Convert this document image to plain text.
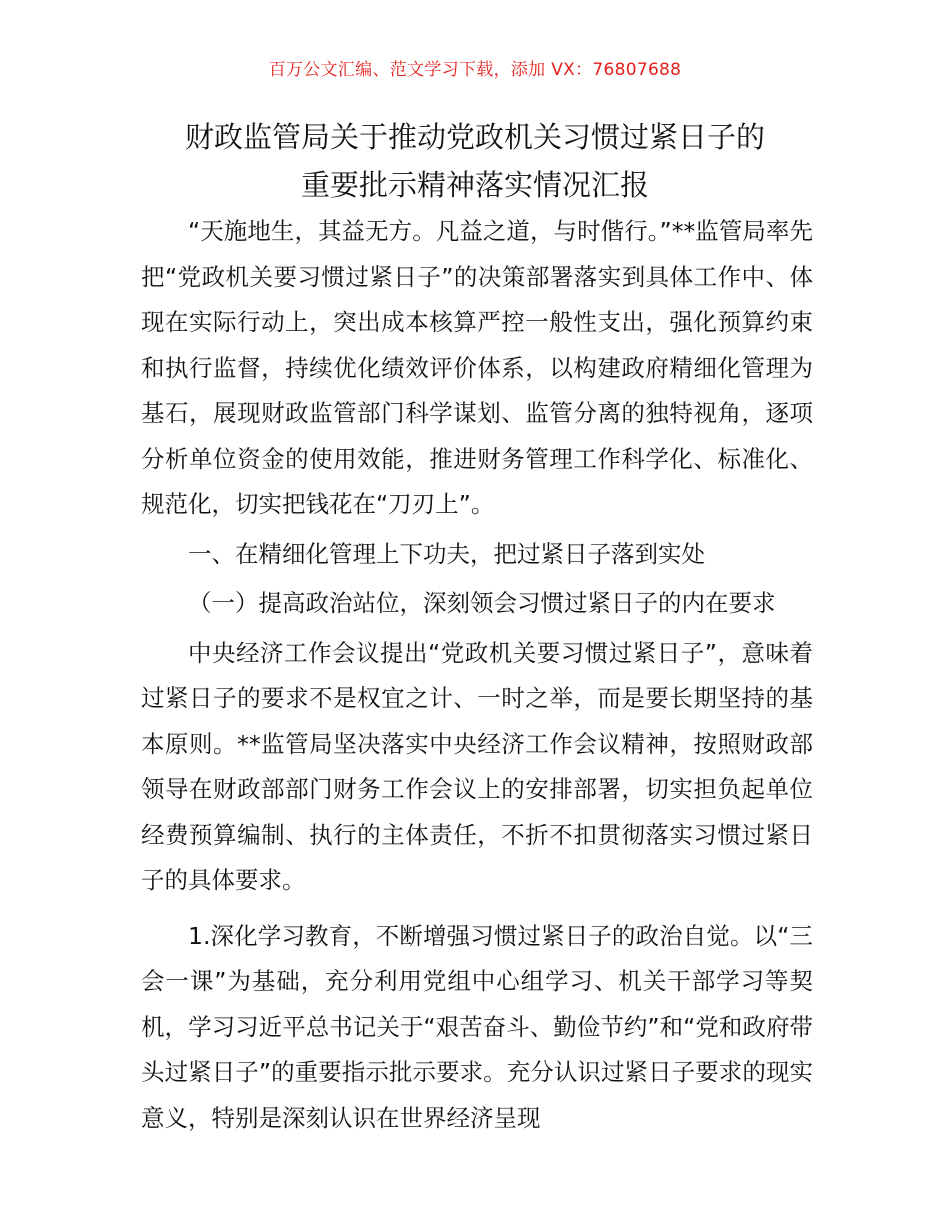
百万公文汇编、范文学习下载，添加 VX：76807688
财政监管局关于推动党政机关习惯过紧日子的
重要批示精神落实情况汇报

“天施地生，其益无方。凡益之道，与时偕行。”**监管局率先把“党政机关要习惯过紧日子”的决策部署落实到具体工作中、体现在实际行动上，突出成本核算严控一般性支出，强化预算约束和执行监督，持续优化绩效评价体系，以构建政府精细化管理为基石，展现财政监管部门科学谋划、监管分离的独特视角，逐项分析单位资金的使用效能，推进财务管理工作科学化、标准化、规范化，切实把钱花在“刀刃上”。

一、在精细化管理上下功夫，把过紧日子落到实处

（一）提高政治站位，深刻领会习惯过紧日子的内在要求

中央经济工作会议提出“党政机关要习惯过紧日子”，意味着过紧日子的要求不是权宜之计、一时之举，而是要长期坚持的基本原则。**监管局坚决落实中央经济工作会议精神，按照财政部领导在财政部部门财务工作会议上的安排部署，切实担负起单位经费预算编制、执行的主体责任，不折不扣贯彻落实习惯过紧日子的具体要求。

1.深化学习教育，不断增强习惯过紧日子的政治自觉。以“三会一课”为基础，充分利用党组中心组学习、机关干部学习等契机，学习习近平总书记关于“艰苦奋斗、勤俭节约”和“党和政府带头过紧日子”的重要指示批示要求。充分认识过紧日子要求的现实意义，特别是深刻认识在世界经济呈现
